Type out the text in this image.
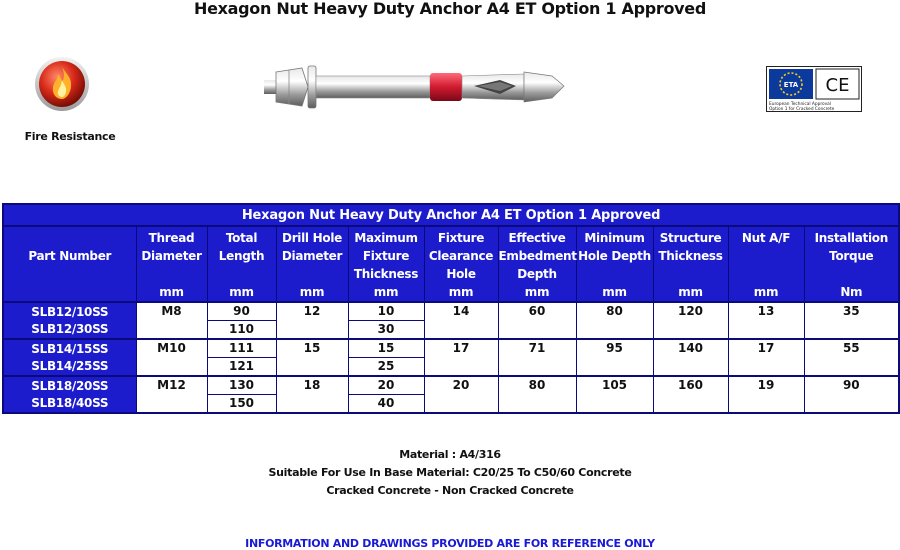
Hexagon Nut Heavy Duty Anchor A4 ET Option 1 Approved
Fire Resistance
ETA CE
European Technical Approval
Option 1 for Cracked Concrete
Hexagon Nut Heavy Duty Anchor A4 ET Option 1 Approved										
Part Number	Thread Diameter	Total Length	Drill Hole Diameter	Maximum Fixture Thickness	Fixture Clearance Hole	Effective Embedment Depth	Minimum Hole Depth	Structure Thickness	Nut A/F	Installation Torque
	mm	mm	mm	mm	mm	mm	mm	mm	mm	Nm
SLB12/10SS	M8	90	12	10	14	60	80	120	13	35
SLB12/30SS		110		30						
SLB14/15SS	M10	111	15	15	17	71	95	140	17	55
SLB14/25SS		121		25						
SLB18/20SS	M12	130	18	20	20	80	105	160	19	90
SLB18/40SS		150		40						
Material : A4/316
Suitable For Use In Base Material: C20/25 To C50/60 Concrete
Cracked Concrete - Non Cracked Concrete
INFORMATION AND DRAWINGS PROVIDED ARE FOR REFERENCE ONLY
